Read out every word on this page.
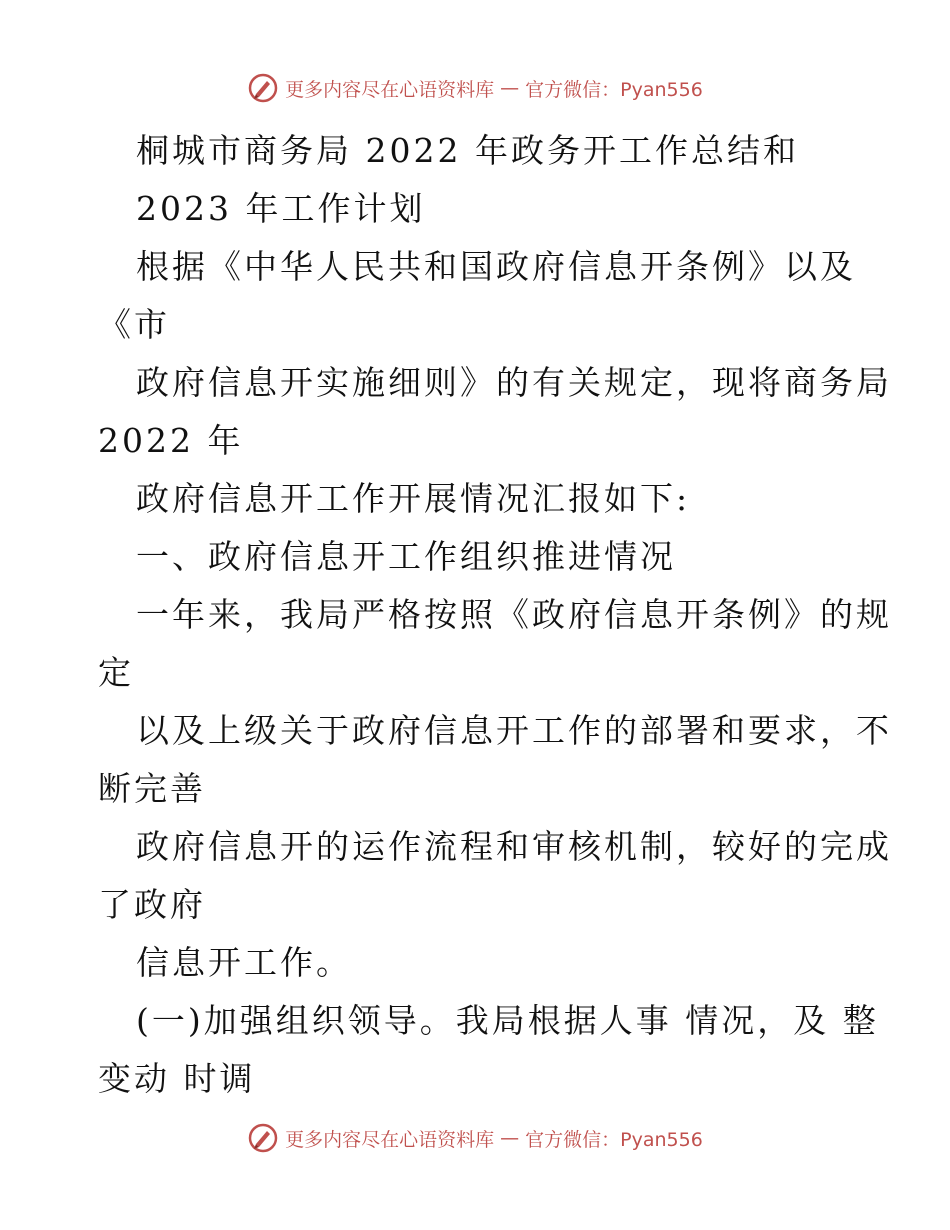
更多内容尽在心语资料库 — 官方微信：Pyan556
桐城市商务局 2022 年政务开工作总结和
2023 年工作计划
根据《中华人民共和国政府信息开条例》以及
《市
政府信息开实施细则》的有关规定，现将商务局
2022 年
政府信息开工作开展情况汇报如下:
一、政府信息开工作组织推进情况
一年来，我局严格按照《政府信息开条例》的规
定
以及上级关于政府信息开工作的部署和要求，不
断完善
政府信息开的运作流程和审核机制，较好的完成
了政府
信息开工作。
(一)加强组织领导。我局根据人事 情况，及 整
变动 时调
更多内容尽在心语资料库 — 官方微信：Pyan556
